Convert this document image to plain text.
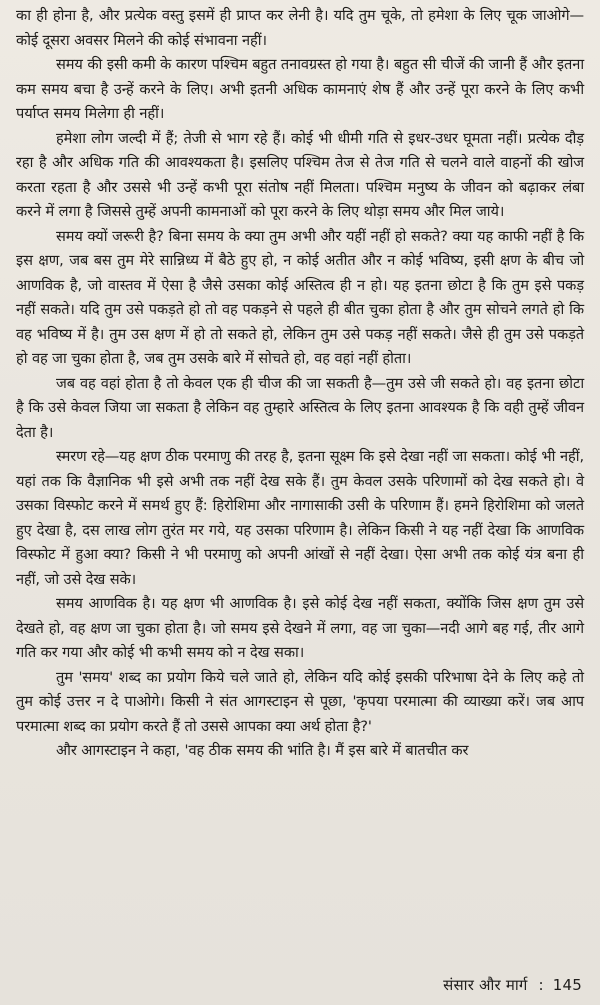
का ही होना है, और प्रत्येक वस्तु इसमें ही प्राप्त कर लेनी है। यदि तुम चूके, तो हमेशा के लिए चूक जाओगे—कोई दूसरा अवसर मिलने की कोई संभावना नहीं।

समय की इसी कमी के कारण पश्चिम बहुत तनावग्रस्त हो गया है। बहुत सी चीजें की जानी हैं और इतना कम समय बचा है उन्हें करने के लिए। अभी इतनी अधिक कामनाएं शेष हैं और उन्हें पूरा करने के लिए कभी पर्याप्त समय मिलेगा ही नहीं।

हमेशा लोग जल्दी में हैं; तेजी से भाग रहे हैं। कोई भी धीमी गति से इधर-उधर घूमता नहीं। प्रत्येक दौड़ रहा है और अधिक गति की आवश्यकता है। इसलिए पश्चिम तेज से तेज गति से चलने वाले वाहनों की खोज करता रहता है और उससे भी उन्हें कभी पूरा संतोष नहीं मिलता। पश्चिम मनुष्य के जीवन को बढ़ाकर लंबा करने में लगा है जिससे तुम्हें अपनी कामनाओं को पूरा करने के लिए थोड़ा समय और मिल जाये।

समय क्यों जरूरी है? बिना समय के क्या तुम अभी और यहीं नहीं हो सकते? क्या यह काफी नहीं है कि इस क्षण, जब बस तुम मेरे सान्निध्य में बैठे हुए हो, न कोई अतीत और न कोई भविष्य, इसी क्षण के बीच जो आणविक है, जो वास्तव में ऐसा है जैसे उसका कोई अस्तित्व ही न हो। यह इतना छोटा है कि तुम इसे पकड़ नहीं सकते। यदि तुम उसे पकड़ते हो तो वह पकड़ने से पहले ही बीत चुका होता है और तुम सोचने लगते हो कि वह भविष्य में है। तुम उस क्षण में हो तो सकते हो, लेकिन तुम उसे पकड़ नहीं सकते। जैसे ही तुम उसे पकड़ते हो वह जा चुका होता है, जब तुम उसके बारे में सोचते हो, वह वहां नहीं होता।

जब वह वहां होता है तो केवल एक ही चीज की जा सकती है—तुम उसे जी सकते हो। वह इतना छोटा है कि उसे केवल जिया जा सकता है लेकिन वह तुम्हारे अस्तित्व के लिए इतना आवश्यक है कि वही तुम्हें जीवन देता है।

स्मरण रहे—यह क्षण ठीक परमाणु की तरह है, इतना सूक्ष्म कि इसे देखा नहीं जा सकता। कोई भी नहीं, यहां तक कि वैज्ञानिक भी इसे अभी तक नहीं देख सके हैं। तुम केवल उसके परिणामों को देख सकते हो। वे उसका विस्फोट करने में समर्थ हुए हैं: हिरोशिमा और नागासाकी उसी के परिणाम हैं। हमने हिरोशिमा को जलते हुए देखा है, दस लाख लोग तुरंत मर गये, यह उसका परिणाम है। लेकिन किसी ने यह नहीं देखा कि आणविक विस्फोट में हुआ क्या? किसी ने भी परमाणु को अपनी आंखों से नहीं देखा। ऐसा अभी तक कोई यंत्र बना ही नहीं, जो उसे देख सके।

समय आणविक है। यह क्षण भी आणविक है। इसे कोई देख नहीं सकता, क्योंकि जिस क्षण तुम उसे देखते हो, वह क्षण जा चुका होता है। जो समय इसे देखने में लगा, वह जा चुका—नदी आगे बह गई, तीर आगे गति कर गया और कोई भी कभी समय को न देख सका।

तुम 'समय' शब्द का प्रयोग किये चले जाते हो, लेकिन यदि कोई इसकी परिभाषा देने के लिए कहे तो तुम कोई उत्तर न दे पाओगे। किसी ने संत आगस्टाइन से पूछा, 'कृपया परमात्मा की व्याख्या करें। जब आप परमात्मा शब्द का प्रयोग करते हैं तो उससे आपका क्या अर्थ होता है?'

और आगस्टाइन ने कहा, 'वह ठीक समय की भांति है। मैं इस बारे में बातचीत कर

संसार और मार्ग : 145
